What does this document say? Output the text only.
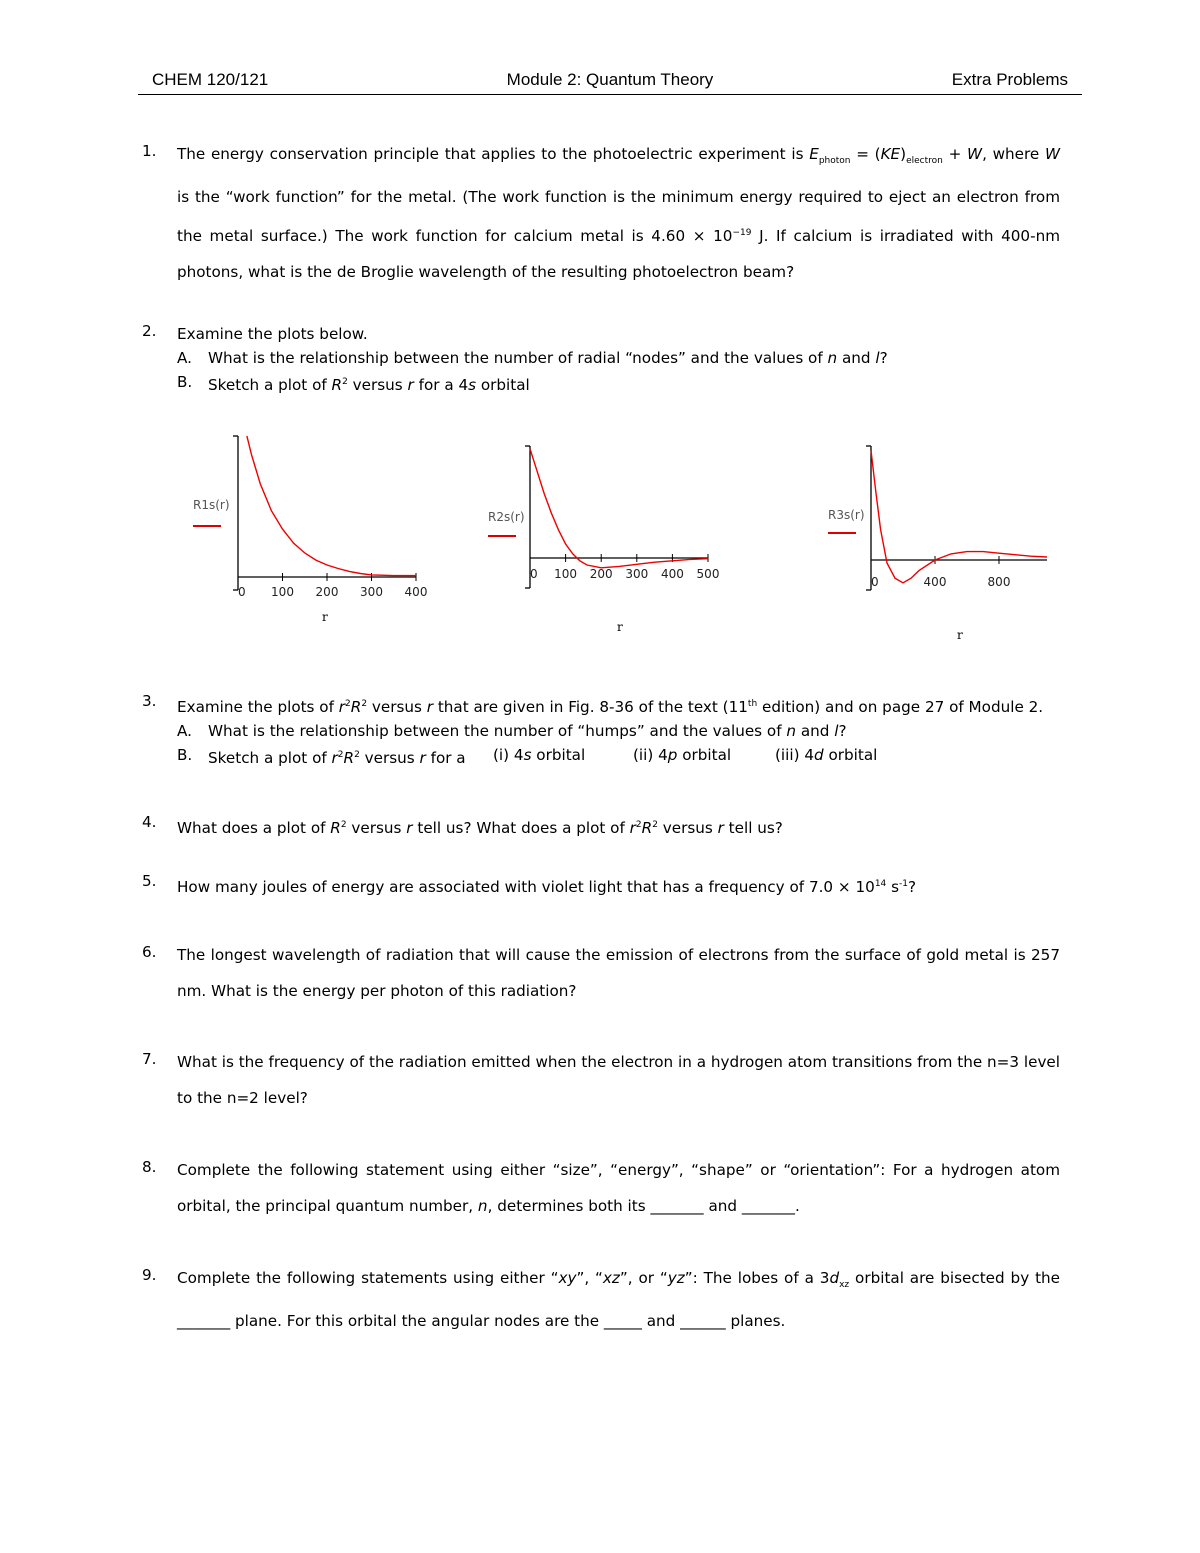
CHEM 120/121	Module 2: Quantum Theory	Extra Problems
1.	The energy conservation principle that applies to the photoelectric experiment is $E_{photon} = (KE)_{electron} + W$, where W is the “work function” for the metal. (The work function is the minimum energy required to eject an electron from the metal surface.) The work function for calcium metal is $4.60 \times 10^{-19}$ J. If calcium is irradiated with 400-nm photons, what is the de Broglie wavelength of the resulting photoelectron beam?

2.	Examine the plots below.

A.	What is the relationship between the number of radial “nodes” and the values of n and l?
B.	Sketch a plot of $R^2$ versus r for a 4s orbital
0 100 200 300 400
R1s(r)
r
0 100 200 300 400 500
R2s(r)
r
0	400	800
R3s(r)
r
3.	Examine the plots of $r^2R^2$ versus r that are given in Fig. 8-36 of the text (11th edition) and on page 27 of Module 2.

A.	What is the relationship between the number of “humps” and the values of n and l?
B.	Sketch a plot of $r^2R^2$ versus r for a	(i) 4s orbital	(ii) 4p orbital	(iii) 4d orbital
4.	What does a plot of $R^2$ versus r tell us? What does a plot of $r^2R^2$ versus r tell us?

5.	How many joules of energy are associated with violet light that has a frequency of $7.0 \times 10^{14}$ $s^{-1}$?

6.	The longest wavelength of radiation that will cause the emission of electrons from the surface of gold metal is 257 nm. What is the energy per photon of this radiation?

7.	What is the frequency of the radiation emitted when the electron in a hydrogen atom transitions from the n=3 level to the n=2 level?

8.	Complete the following statement using either “size”, “energy”, “shape” or “orientation”: For a hydrogen atom orbital, the principal quantum number, n, determines both its _______ and _______.

9.	Complete the following statements using either “xy”, “xz”, or “yz”: The lobes of a $3d_{xz}$ orbital are bisected by the _______ plane. For this orbital the angular nodes are the _____ and ______ planes.
